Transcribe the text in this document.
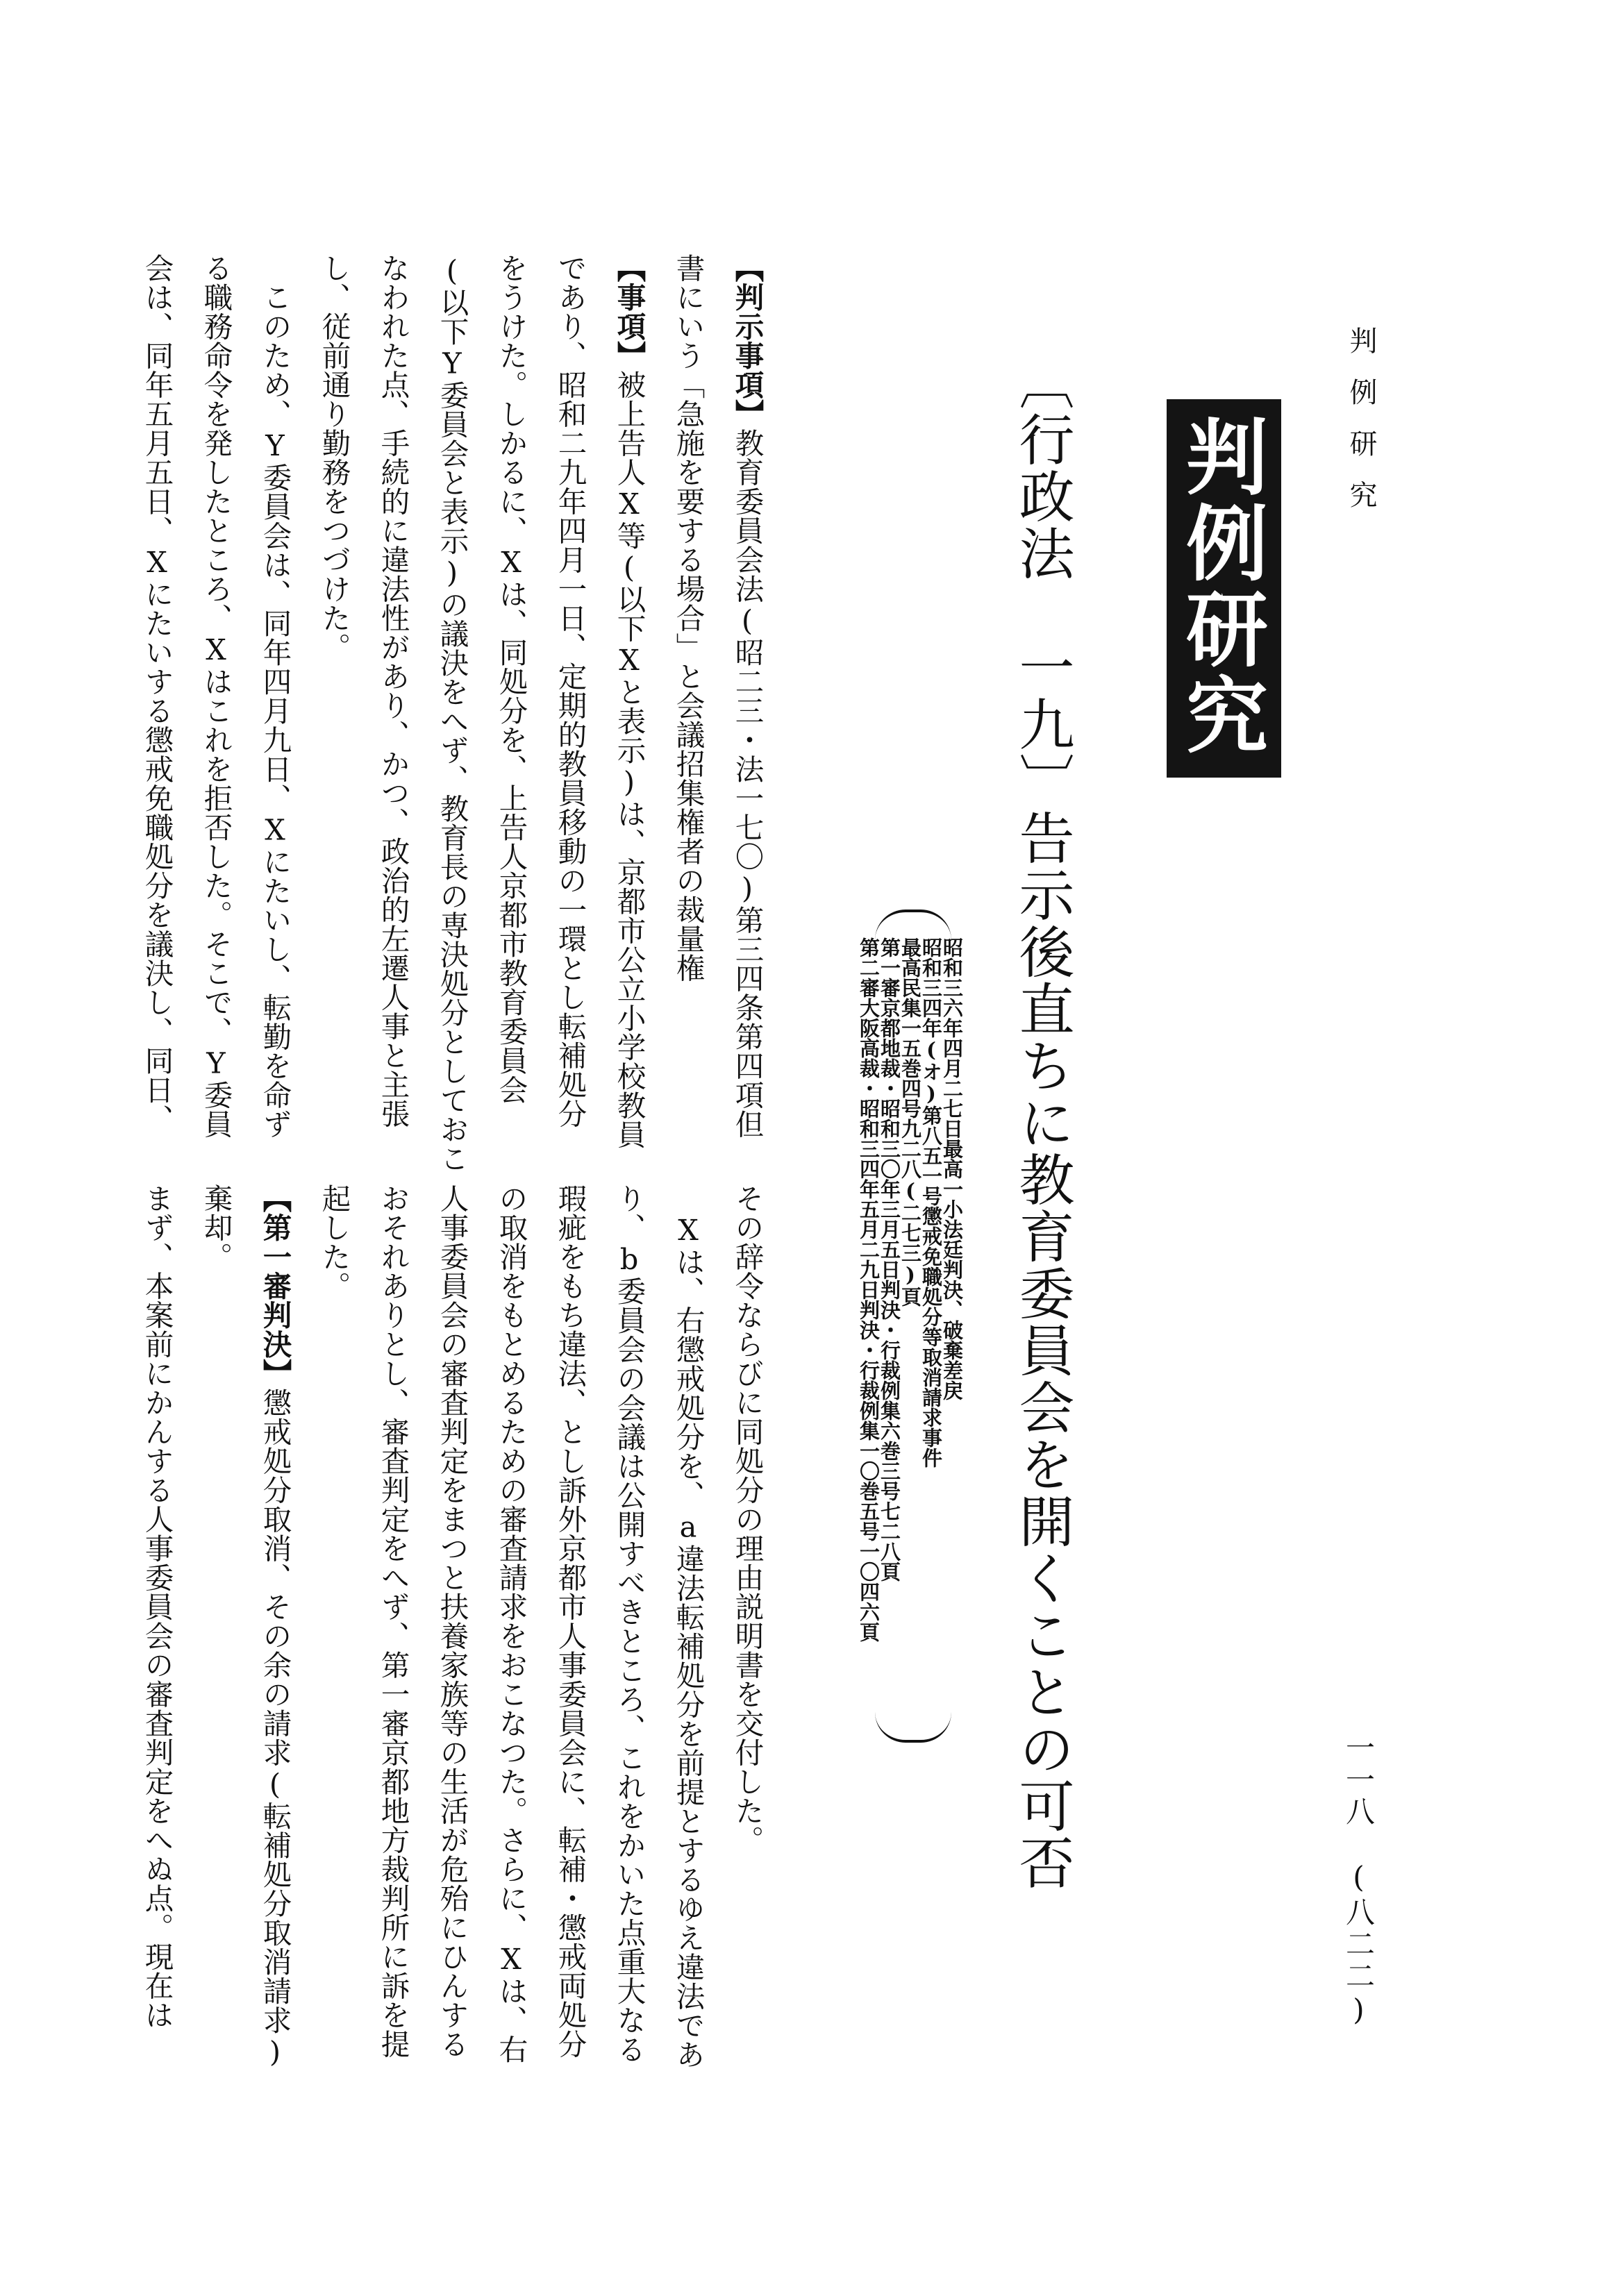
判例研究
判例研究
〔行政法　一九〕告示後直ちに教育委員会を開くことの可否
昭和三六年四月二七日最高一小法廷判決、破棄差戻
昭和三四年(オ)第八五一号懲戒免職処分等取消請求事件
最高民集一五巻四号九二八(二七三)頁
第一審京都地裁・昭和三〇年三月五日判決・行裁例集六巻三号七二八頁
第二審大阪高裁・昭和三四年五月二九日判決・行裁例集一〇巻五号一〇四六頁
一一八　(八二二)
【判示事項】教育委員会法(昭二三・法一七〇)第三四条第四項但
書にいう「急施を要する場合」と会議招集権者の裁量権
【事項】被上告人X等(以下Xと表示)は、京都市公立小学校教員
であり、昭和二九年四月一日、定期的教員移動の一環とし転補処分
をうけた。しかるに、Xは、同処分を、上告人京都市教育委員会
(以下Y委員会と表示)の議決をへず、教育長の専決処分としておこ
なわれた点、手続的に違法性があり、かつ、政治的左遷人事と主張
し、従前通り勤務をつづけた。
　このため、Y委員会は、同年四月九日、Xにたいし、転勤を命ず
る職務命令を発したところ、Xはこれを拒否した。そこで、Y委員
会は、同年五月五日、Xにたいする懲戒免職処分を議決し、同日、
その辞令ならびに同処分の理由説明書を交付した。
　Xは、右懲戒処分を、a違法転補処分を前提とするゆえ違法であ
り、b委員会の会議は公開すべきところ、これをかいた点重大なる
瑕疵をもち違法、とし訴外京都市人事委員会に、転補・懲戒両処分
の取消をもとめるための審査請求をおこなつた。さらに、Xは、右
人事委員会の審査判定をまつと扶養家族等の生活が危殆にひんする
おそれありとし、審査判定をへず、第一審京都地方裁判所に訴を提
起した。
【第一審判決】懲戒処分取消、その余の請求(転補処分取消請求)
棄却。
まず、本案前にかんする人事委員会の審査判定をへぬ点。現在は
